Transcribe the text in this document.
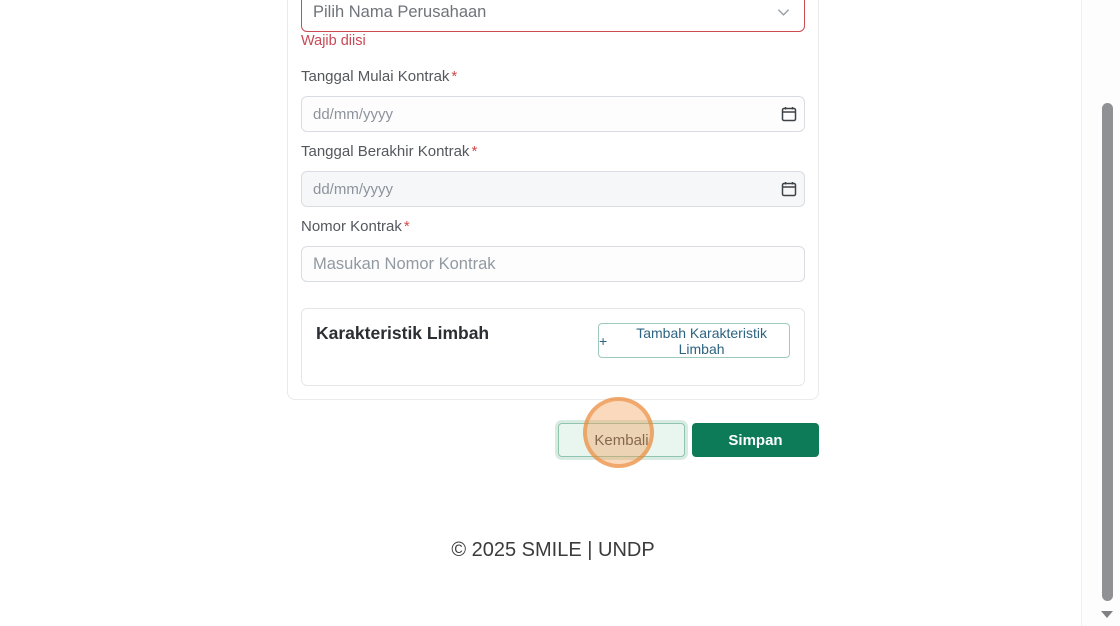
Pilih Nama Perusahaan
Wajib diisi
Tanggal Mulai Kontrak *
dd/mm/yyyy
Tanggal Berakhir Kontrak *
dd/mm/yyyy
Nomor Kontrak *
Masukan Nomor Kontrak
Karakteristik Limbah	+	Tambah Karakteristik Limbah
Kembali	Simpan
© 2025 SMILE | UNDP
